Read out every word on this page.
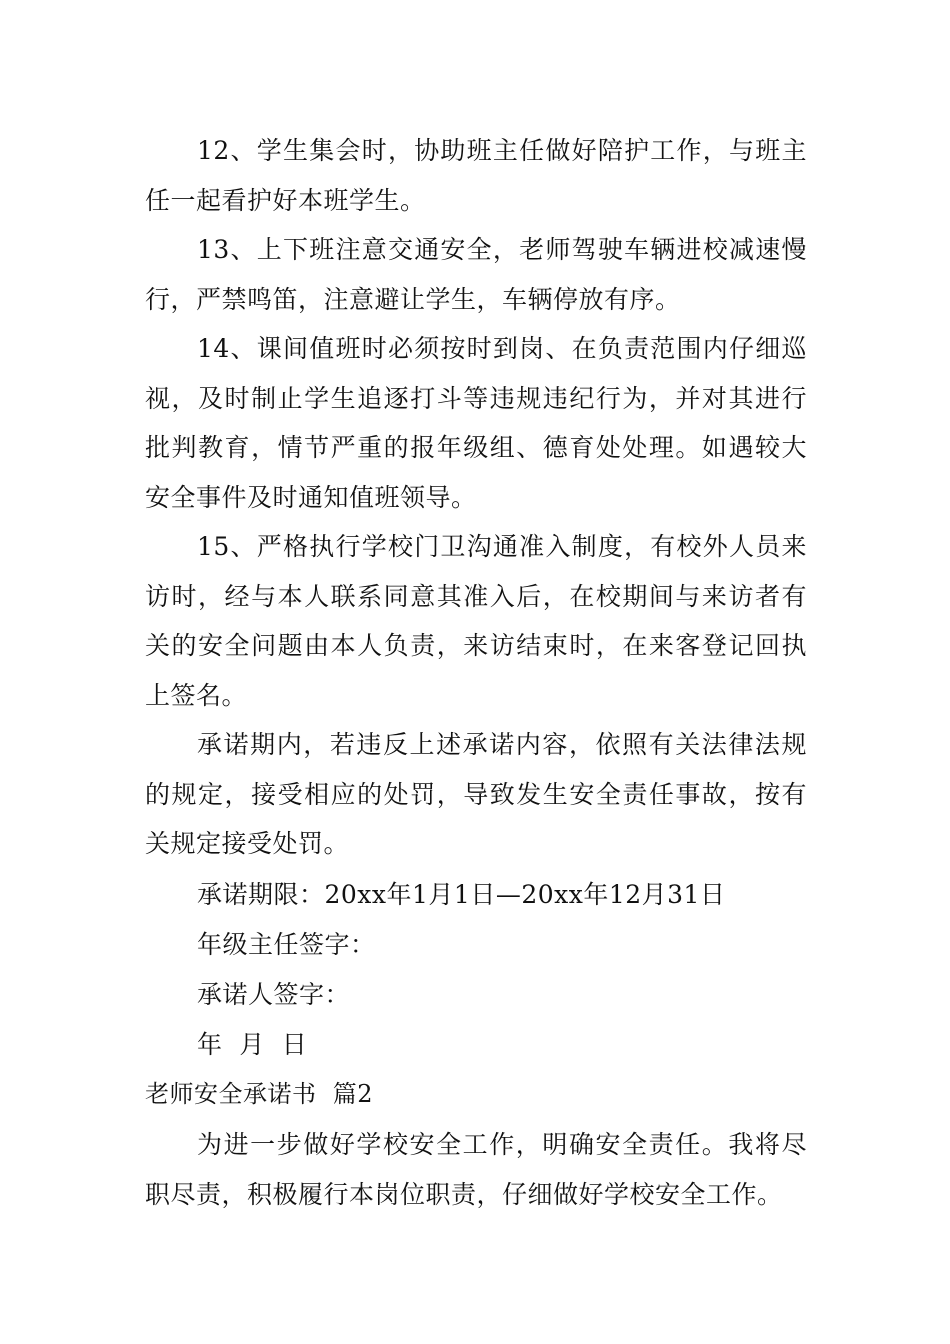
12、学生集会时，协助班主任做好陪护工作，与班主任一起看护好本班学生。

13、上下班注意交通安全，老师驾驶车辆进校减速慢行，严禁鸣笛，注意避让学生，车辆停放有序。

14、课间值班时必须按时到岗、在负责范围内仔细巡视，及时制止学生追逐打斗等违规违纪行为，并对其进行批判教育，情节严重的报年级组、德育处处理。如遇较大安全事件及时通知值班领导。

15、严格执行学校门卫沟通准入制度，有校外人员来访时，经与本人联系同意其准入后，在校期间与来访者有关的安全问题由本人负责，来访结束时，在来客登记回执上签名。

承诺期内，若违反上述承诺内容，依照有关法律法规的规定，接受相应的处罚，导致发生安全责任事故，按有关规定接受处罚。

承诺期限：20xx年1月1日—20xx年12月31日

年级主任签字：

承诺人签字：

年  月  日

老师安全承诺书  篇2

为进一步做好学校安全工作，明确安全责任。我将尽职尽责，积极履行本岗位职责，仔细做好学校安全工作。
